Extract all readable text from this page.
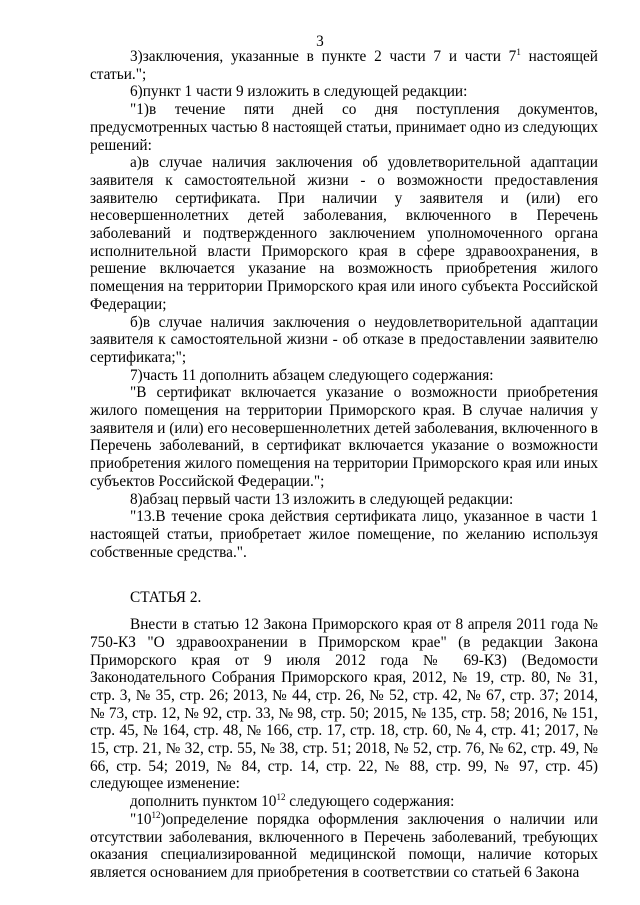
3

3)заключения, указанные в пункте 2 части 7 и части $7^1$ настоящей статьи.";

6)пункт 1 части 9 изложить в следующей редакции:

"1)в течение пяти дней со дня поступления документов, предусмотренных частью 8 настоящей статьи, принимает одно из следующих решений:

а)в случае наличия заключения об удовлетворительной адаптации заявителя к самостоятельной жизни - о возможности предоставления заявителю сертификата. При наличии у заявителя и (или) его несовершеннолетних детей заболевания, включенного в Перечень заболеваний и подтвержденного заключением уполномоченного органа исполнительной власти Приморского края в сфере здравоохранения, в решение включается указание на возможность приобретения жилого помещения на территории Приморского края или иного субъекта Российской Федерации;

б)в случае наличия заключения о неудовлетворительной адаптации заявителя к самостоятельной жизни - об отказе в предоставлении заявителю сертификата;";

7)часть 11 дополнить абзацем следующего содержания:

"В сертификат включается указание о возможности приобретения жилого помещения на территории Приморского края. В случае наличия у заявителя и (или) его несовершеннолетних детей заболевания, включенного в Перечень заболеваний, в сертификат включается указание о возможности приобретения жилого помещения на территории Приморского края или иных субъектов Российской Федерации.";

8)абзац первый части 13 изложить в следующей редакции:

"13.В течение срока действия сертификата лицо, указанное в части 1 настоящей статьи, приобретает жилое помещение, по желанию используя собственные средства.".

СТАТЬЯ 2.

Внести в статью 12 Закона Приморского края от 8 апреля 2011 года № 750-КЗ "О здравоохранении в Приморском крае" (в редакции Закона Приморского края от 9 июля 2012 года № 69-КЗ) (Ведомости Законодательного Собрания Приморского края, 2012, № 19, стр. 80, № 31, стр. 3, № 35, стр. 26; 2013, № 44, стр. 26, № 52, стр. 42, № 67, стр. 37; 2014, № 73, стр. 12, № 92, стр. 33, № 98, стр. 50; 2015, № 135, стр. 58; 2016, № 151, стр. 45, № 164, стр. 48, № 166, стр. 17, стр. 18, стр. 60, № 4, стр. 41; 2017, № 15, стр. 21, № 32, стр. 55, № 38, стр. 51; 2018, № 52, стр. 76, № 62, стр. 49, № 66, стр. 54; 2019, № 84, стр. 14, стр. 22, № 88, стр. 99, № 97, стр. 45) следующее изменение:

дополнить пунктом $10^{12}$ следующего содержания:

"$10^{12})определение$ порядка оформления заключения о наличии или отсутствии заболевания, включенного в Перечень заболеваний, требующих оказания специализированной медицинской помощи, наличие которых является основанием для приобретения в соответствии со статьей 6 Закона
